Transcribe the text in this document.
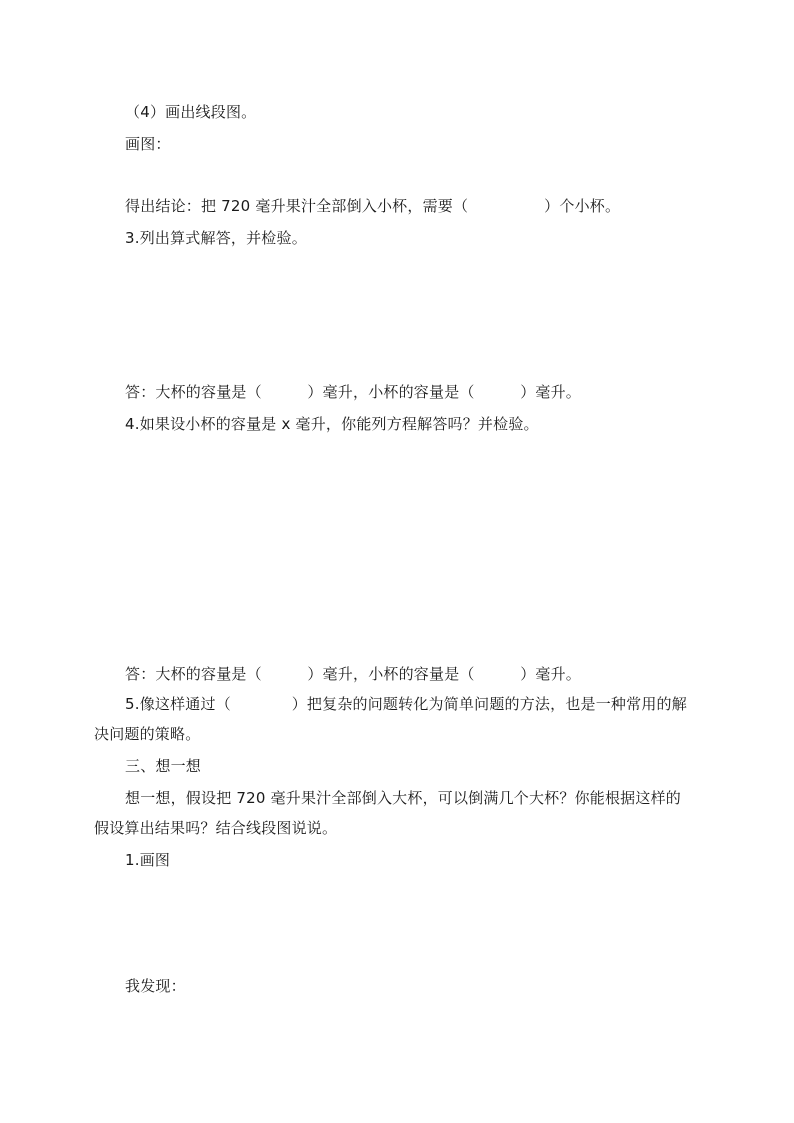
（4）画出线段图。
画图：
得出结论：把 720 毫升果汁全部倒入小杯，需要（　　　　　）个小杯。
3.列出算式解答，并检验。
答：大杯的容量是（　　　）毫升，小杯的容量是（　　　）毫升。
4.如果设小杯的容量是 x 毫升，你能列方程解答吗？并检验。
答：大杯的容量是（　　　）毫升，小杯的容量是（　　　）毫升。
5.像这样通过（　　　　）把复杂的问题转化为简单问题的方法，也是一种常用的解
决问题的策略。
三、想一想
想一想，假设把 720 毫升果汁全部倒入大杯，可以倒满几个大杯？你能根据这样的
假设算出结果吗？结合线段图说说。
1.画图
我发现：
